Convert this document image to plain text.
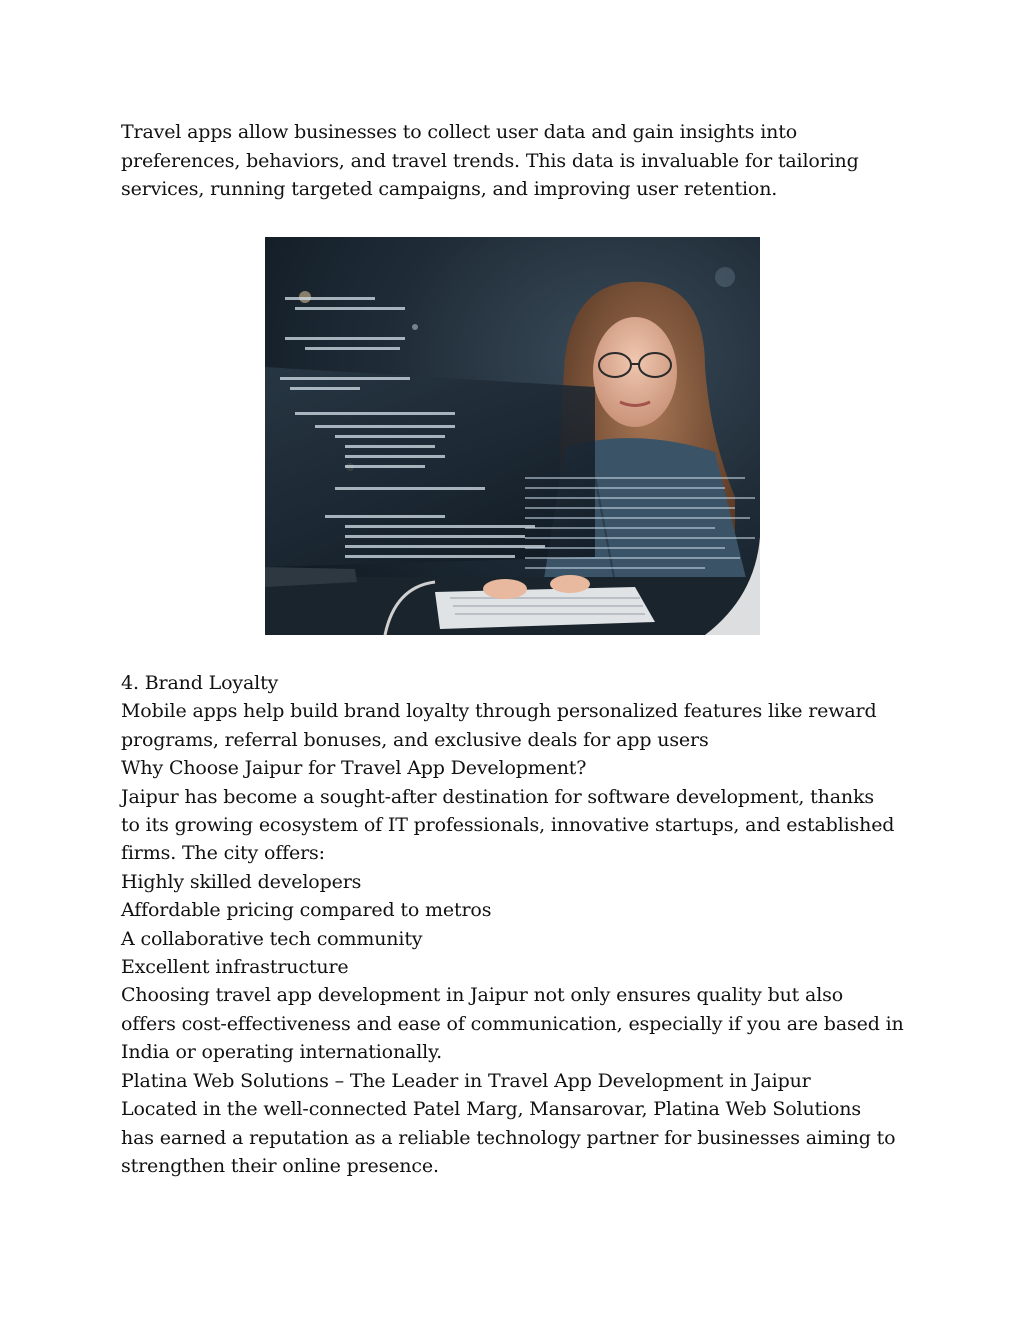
Travel apps allow businesses to collect user data and gain insights into
preferences, behaviors, and travel trends. This data is invaluable for tailoring
services, running targeted campaigns, and improving user retention.

4. Brand Loyalty

Mobile apps help build brand loyalty through personalized features like reward

programs, referral bonuses, and exclusive deals for app users

Why Choose Jaipur for Travel App Development?

Jaipur has become a sought-after destination for software development, thanks

to its growing ecosystem of IT professionals, innovative startups, and established

firms. The city offers:

Highly skilled developers

Affordable pricing compared to metros

A collaborative tech community

Excellent infrastructure

Choosing travel app development in Jaipur not only ensures quality but also

offers cost-effectiveness and ease of communication, especially if you are based in

India or operating internationally.

Platina Web Solutions – The Leader in Travel App Development in Jaipur

Located in the well-connected Patel Marg, Mansarovar, Platina Web Solutions

has earned a reputation as a reliable technology partner for businesses aiming to

strengthen their online presence.
